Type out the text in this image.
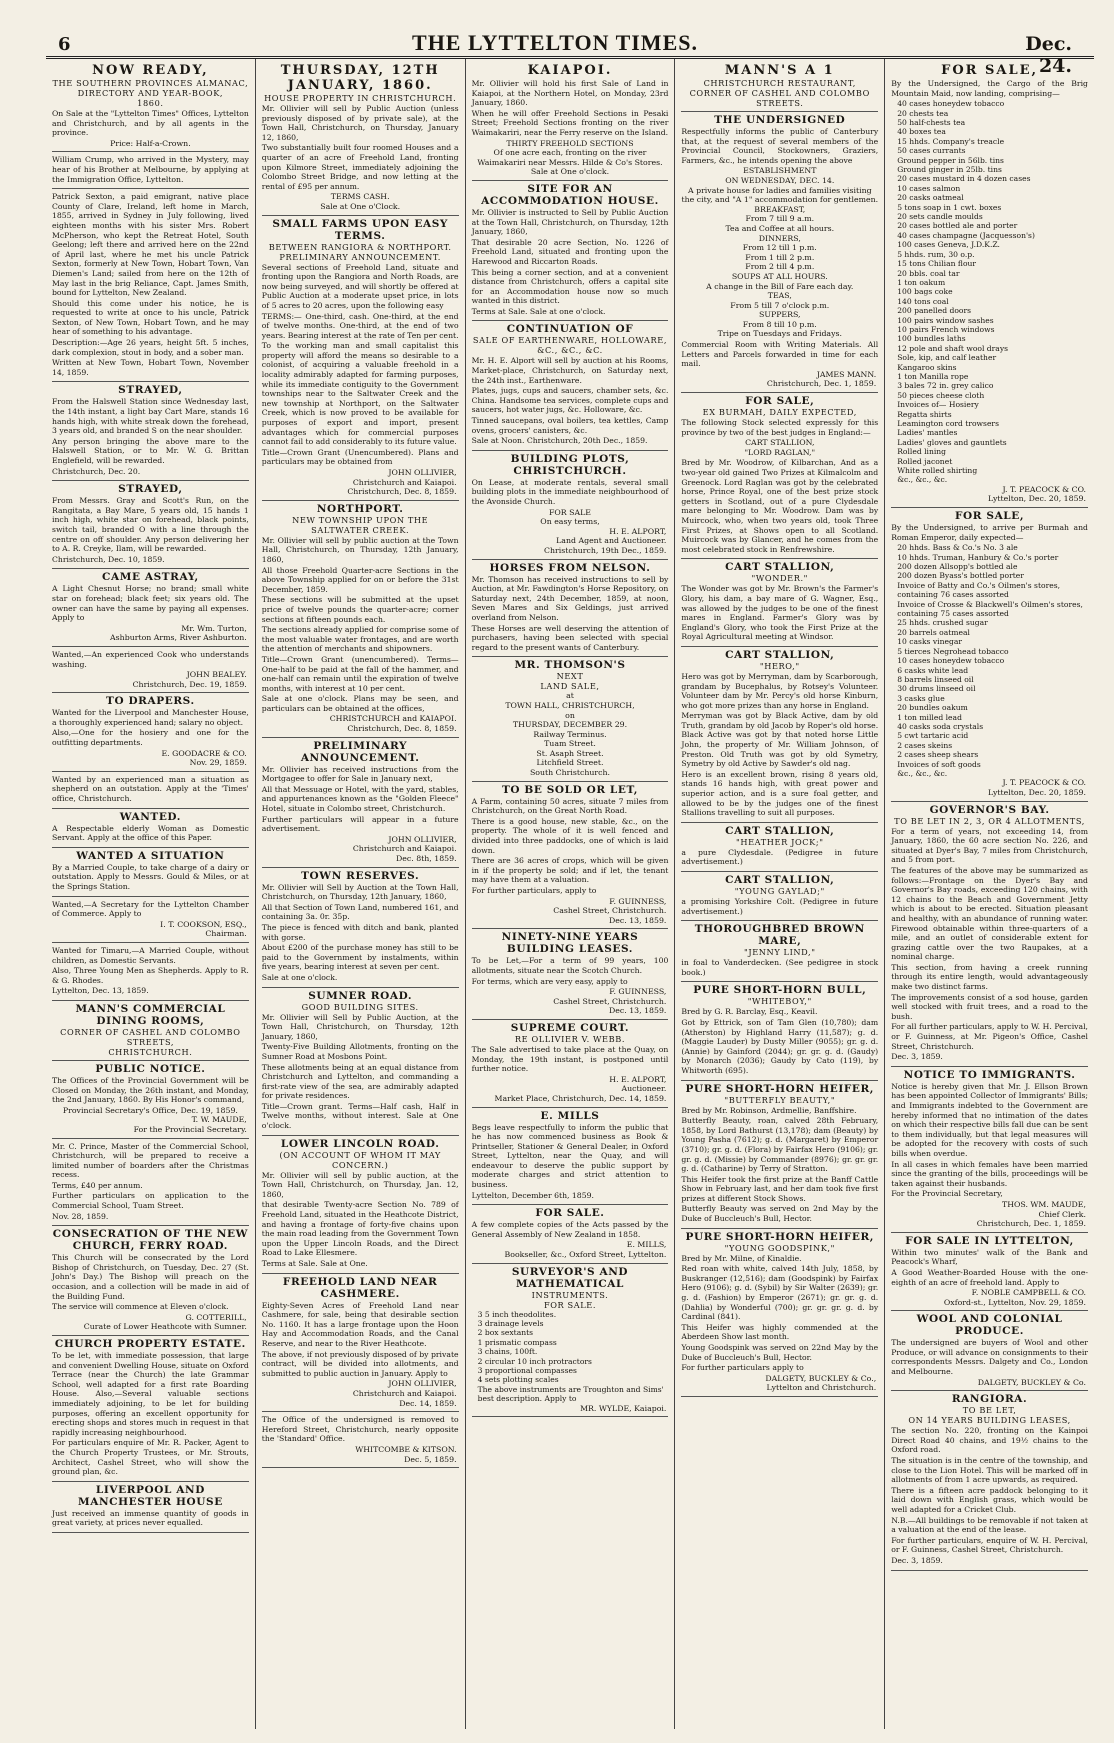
6	THE LYTTELTON TIMES.	Dec. 24.
NOW READY,
THE SOUTHERN PROVINCES ALMANAC, DIRECTORY AND YEAR-BOOK,
1860.

On Sale at the "Lyttelton Times" Offices, Lyttelton and Christchurch, and by all agents in the province.

Price: Half-a-Crown.

William Crump, who arrived in the Mystery, may hear of his Brother at Melbourne, by applying at the Immigration Office, Lyttelton.

Patrick Sexton, a paid emigrant, native place County of Clare, Ireland, left home in March, 1855, arrived in Sydney in July following, lived eighteen months with his sister Mrs. Robert McPherson, who kept the Retreat Hotel, South Geelong; left there and arrived here on the 22nd of April last, where he met his uncle Patrick Sexton, formerly at New Town, Hobart Town, Van Diemen's Land; sailed from here on the 12th of May last in the brig Reliance, Capt. James Smith, bound for Lyttelton, New Zealand.

Should this come under his notice, he is requested to write at once to his uncle, Patrick Sexton, of New Town, Hobart Town, and he may hear of something to his advantage.

Description:—Age 26 years, height 5ft. 5 inches, dark complexion, stout in body, and a sober man.

Written at New Town, Hobart Town, November 14, 1859.

STRAYED,

From the Halswell Station since Wednesday last, the 14th instant, a light bay Cart Mare, stands 16 hands high, with white streak down the forehead, 3 years old, and branded S on the near shoulder.

Any person bringing the above mare to the Halswell Station, or to Mr. W. G. Brittan Englefield, will be rewarded.

Christchurch, Dec. 20.

STRAYED,

From Messrs. Gray and Scott's Run, on the Rangitata, a Bay Mare, 5 years old, 15 hands 1 inch high, white star on forehead, black points, switch tail, branded O with a line through the centre on off shoulder. Any person delivering her to A. R. Creyke, Ilam, will be rewarded.

Christchurch, Dec. 10, 1859.

CAME ASTRAY,

A Light Chesnut Horse; no brand; small white star on forehead; black feet; six years old. The owner can have the same by paying all expenses. Apply to

Mr. Wm. Turton,
Ashburton Arms, River Ashburton.

Wanted,—An experienced Cook who understands washing.

JOHN BEALEY.
Christchurch, Dec. 19, 1859.
TO DRAPERS.

Wanted for the Liverpool and Manchester House, a thoroughly experienced hand; salary no object.

Also,—One for the hosiery and one for the outfitting departments.

E. GOODACRE & CO.
Nov. 29, 1859.

Wanted by an experienced man a situation as shepherd on an outstation. Apply at the 'Times' office, Christchurch.

WANTED.

A Respectable elderly Woman as Domestic Servant. Apply at the office of this Paper.

WANTED A SITUATION

By a Married Couple, to take charge of a dairy or outstation. Apply to Messrs. Gould & Miles, or at the Springs Station.

Wanted,—A Secretary for the Lyttelton Chamber of Commerce. Apply to

I. T. COOKSON, ESQ.,
Chairman.

Wanted for Timaru,—A Married Couple, without children, as Domestic Servants.

Also, Three Young Men as Shepherds. Apply to R. & G. Rhodes.

Lyttelton, Dec. 13, 1859.

MANN'S COMMERCIAL DINING ROOMS,
CORNER OF CASHEL AND COLOMBO STREETS,
CHRISTCHURCH.
PUBLIC NOTICE.

The Offices of the Provincial Government will be Closed on Monday, the 26th instant, and Monday, the 2nd January, 1860. By His Honor's command,

Provincial Secretary's Office, Dec. 19, 1859.
T. W. MAUDE,
For the Provincial Secretary.

Mr. C. Prince, Master of the Commercial School, Christchurch, will be prepared to receive a limited number of boarders after the Christmas recess.

Terms, £40 per annum.

Further particulars on application to the Commercial School, Tuam Street.

Nov. 28, 1859.

CONSECRATION OF THE NEW CHURCH, FERRY ROAD.

This Church will be consecrated by the Lord Bishop of Christchurch, on Tuesday, Dec. 27 (St. John's Day.) The Bishop will preach on the occasion, and a collection will be made in aid of the Building Fund.

The service will commence at Eleven o'clock.

G. COTTERILL,
Curate of Lower Heathcote with Sumner.
CHURCH PROPERTY ESTATE.

To be let, with immediate possession, that large and convenient Dwelling House, situate on Oxford Terrace (near the Church) the late Grammar School, well adapted for a first rate Boarding House. Also,—Several valuable sections immediately adjoining, to be let for building purposes, offering an excellent opportunity for erecting shops and stores much in request in that rapidly increasing neighbourhood.

For particulars enquire of Mr. R. Packer, Agent to the Church Property Trustees, or Mr. Strouts, Architect, Cashel Street, who will show the ground plan, &c.

LIVERPOOL AND MANCHESTER HOUSE

Just received an immense quantity of goods in great variety, at prices never equalled.

THURSDAY, 12TH JANUARY, 1860.
HOUSE PROPERTY IN CHRISTCHURCH.

Mr. Ollivier will sell by Public Auction (unless previously disposed of by private sale), at the Town Hall, Christchurch, on Thursday, January 12, 1860,

Two substantially built four roomed Houses and a quarter of an acre of Freehold Land, fronting upon Kilmore Street, immediately adjoining the Colombo Street Bridge, and now letting at the rental of £95 per annum.

TERMS CASH.
Sale at One o'Clock.
SMALL FARMS UPON EASY TERMS.
BETWEEN RANGIORA & NORTHPORT.
PRELIMINARY ANNOUNCEMENT.

Several sections of Freehold Land, situate and fronting upon the Rangiora and North Roads, are now being surveyed, and will shortly be offered at Public Auction at a moderate upset price, in lots of 5 acres to 20 acres, upon the following easy

TERMS:— One-third, cash. One-third, at the end of twelve months. One-third, at the end of two years. Bearing interest at the rate of Ten per cent.

To the working man and small capitalist this property will afford the means so desirable to a colonist, of acquiring a valuable freehold in a locality admirably adapted for farming purposes, while its immediate contiguity to the Government townships near to the Saltwater Creek and the new township at Northport, on the Saltwater Creek, which is now proved to be available for purposes of export and import, present advantages which for commercial purposes cannot fail to add considerably to its future value.

Title—Crown Grant (Unencumbered). Plans and particulars may be obtained from

JOHN OLLIVIER,
Christchurch and Kaiapoi.
Christchurch, Dec. 8, 1859.
NORTHPORT.
NEW TOWNSHIP UPON THE SALTWATER CREEK.

Mr. Ollivier will sell by public auction at the Town Hall, Christchurch, on Thursday, 12th January, 1860,

All those Freehold Quarter-acre Sections in the above Township applied for on or before the 31st December, 1859.

These sections will be submitted at the upset price of twelve pounds the quarter-acre; corner sections at fifteen pounds each.

The sections already applied for comprise some of the most valuable water frontages, and are worth the attention of merchants and shipowners.

Title—Crown Grant (unencumbered). Terms—One-half to be paid at the fall of the hammer, and one-half can remain until the expiration of twelve months, with interest at 10 per cent.

Sale at one o'clock. Plans may be seen, and particulars can be obtained at the offices,

CHRISTCHURCH and KAIAPOI.
Christchurch, Dec. 8, 1859.
PRELIMINARY ANNOUNCEMENT.

Mr. Ollivier has received instructions from the Mortgagee to offer for Sale in January next,

All that Messuage or Hotel, with the yard, stables, and appurtenances known as the "Golden Fleece" Hotel, situate in Colombo street, Christchurch.

Further particulars will appear in a future advertisement.

JOHN OLLIVIER,
Christchurch and Kaiapoi.
Dec. 8th, 1859.
TOWN RESERVES.

Mr. Ollivier will Sell by Auction at the Town Hall, Christchurch, on Thursday, 12th January, 1860,

All that Section of Town Land, numbered 161, and containing 3a. 0r. 35p.

The piece is fenced with ditch and bank, planted with gorse.

About £200 of the purchase money has still to be paid to the Government by instalments, within five years, bearing interest at seven per cent.

Sale at one o'clock.

SUMNER ROAD.
GOOD BUILDING SITES.

Mr. Ollivier will Sell by Public Auction, at the Town Hall, Christchurch, on Thursday, 12th January, 1860,

Twenty-Five Building Allotments, fronting on the Sumner Road at Mosbons Point.

These allotments being at an equal distance from Christchurch and Lyttelton, and commanding a first-rate view of the sea, are admirably adapted for private residences.

Title—Crown grant. Terms—Half cash, Half in Twelve months, without interest. Sale at One o'clock.

LOWER LINCOLN ROAD.
(ON ACCOUNT OF WHOM IT MAY CONCERN.)

Mr. Ollivier will sell by public auction, at the Town Hall, Christchurch, on Thursday, Jan. 12, 1860,

that desirable Twenty-acre Section No. 789 of Freehold Land, situated in the Heathcote District, and having a frontage of forty-five chains upon the main road leading from the Government Town upon the Upper Lincoln Roads, and the Direct Road to Lake Ellesmere.

Terms at Sale. Sale at One.

FREEHOLD LAND NEAR CASHMERE.

Eighty-Seven Acres of Freehold Land near Cashmere, for sale, being that desirable section No. 1160. It has a large frontage upon the Hoon Hay and Accommodation Roads, and the Canal Reserve, and near to the River Heathcote.

The above, if not previously disposed of by private contract, will be divided into allotments, and submitted to public auction in January. Apply to

JOHN OLLIVIER,
Christchurch and Kaiapoi.
Dec. 14, 1859.

The Office of the undersigned is removed to Hereford Street, Christchurch, nearly opposite the 'Standard' Office.

WHITCOMBE & KITSON.
Dec. 5, 1859.
KAIAPOI.

Mr. Ollivier will hold his first Sale of Land in Kaiapoi, at the Northern Hotel, on Monday, 23rd January, 1860.

When he will offer Freehold Sections in Pesaki Street; Freehold Sections fronting on the river Waimakariri, near the Ferry reserve on the Island.

THIRTY FREEHOLD SECTIONS
Of one acre each, fronting on the river Waimakariri near Messrs. Hilde & Co's Stores.
Sale at One o'clock.
SITE FOR AN ACCOMMODATION HOUSE.

Mr. Ollivier is instructed to Sell by Public Auction at the Town Hall, Christchurch, on Thursday, 12th January, 1860,

That desirable 20 acre Section, No. 1226 of Freehold Land, situated and fronting upon the Harewood and Riccarton Roads.

This being a corner section, and at a convenient distance from Christchurch, offers a capital site for an Accommodation house now so much wanted in this district.

Terms at Sale. Sale at one o'clock.

CONTINUATION OF
SALE OF EARTHENWARE, HOLLOWARE, &C., &C., &C.

Mr. H. E. Alport will sell by auction at his Rooms, Market-place, Christchurch, on Saturday next, the 24th inst., Earthenware.

Plates, jugs, cups and saucers, chamber sets, &c. China. Handsome tea services, complete cups and saucers, hot water jugs, &c. Holloware, &c.

Tinned saucepans, oval boilers, tea kettles, Camp ovens, grocers' canisters, &c.

Sale at Noon. Christchurch, 20th Dec., 1859.

BUILDING PLOTS, CHRISTCHURCH.

On Lease, at moderate rentals, several small building plots in the immediate neighbourhood of the Avonside Church.

FOR SALE
On easy terms,
H. E. ALPORT,
Land Agent and Auctioneer.
Christchurch, 19th Dec., 1859.
HORSES FROM NELSON.

Mr. Thomson has received instructions to sell by Auction, at Mr. Fawdington's Horse Repository, on Saturday next, 24th December, 1859, at noon, Seven Mares and Six Geldings, just arrived overland from Nelson.

These Horses are well deserving the attention of purchasers, having been selected with special regard to the present wants of Canterbury.

MR. THOMSON'S
NEXT
LAND SALE,
at
TOWN HALL, CHRISTCHURCH,
on
THURSDAY, DECEMBER 29.
Railway Terminus.
Tuam Street.
St. Asaph Street.
Litchfield Street.
South Christchurch.
TO BE SOLD OR LET,

A Farm, containing 50 acres, situate 7 miles from Christchurch, on the Great North Road.

There is a good house, new stable, &c., on the property. The whole of it is well fenced and divided into three paddocks, one of which is laid down.

There are 36 acres of crops, which will be given in if the property be sold; and if let, the tenant may have them at a valuation.

For further particulars, apply to

F. GUINNESS,
Cashel Street, Christchurch.
Dec. 13, 1859.
NINETY-NINE YEARS BUILDING LEASES.

To be Let,—For a term of 99 years, 100 allotments, situate near the Scotch Church.

For terms, which are very easy, apply to

F. GUINNESS,
Cashel Street, Christchurch.
Dec. 13, 1859.
SUPREME COURT.
RE OLLIVIER V. WEBB.

The Sale advertised to take place at the Quay, on Monday, the 19th instant, is postponed until further notice.

H. E. ALPORT,
Auctioneer.
Market Place, Christchurch, Dec. 14, 1859.
E. MILLS

Begs leave respectfully to inform the public that he has now commenced business as Book & Printseller, Stationer & General Dealer, in Oxford Street, Lyttelton, near the Quay, and will endeavour to deserve the public support by moderate charges and strict attention to business.

Lyttelton, December 6th, 1859.

FOR SALE.

A few complete copies of the Acts passed by the General Assembly of New Zealand in 1858.

E. MILLS,
Bookseller, &c., Oxford Street, Lyttelton.
SURVEYOR'S AND MATHEMATICAL
INSTRUMENTS.
FOR SALE.
3 5 inch theodolites.
3 drainage levels
2 box sextants
1 prismatic compass
3 chains, 100ft.
2 circular 10 inch protractors
3 proportional compasses
4 sets plotting scales
The above instruments are Troughton and Sims' best description. Apply to
MR. WYLDE, Kaiapoi.
MANN'S A 1
CHRISTCHURCH RESTAURANT,
CORNER OF CASHEL AND COLOMBO STREETS.
THE UNDERSIGNED

Respectfully informs the public of Canterbury that, at the request of several members of the Provincial Council, Stockowners, Graziers, Farmers, &c., he intends opening the above

ESTABLISHMENT
ON WEDNESDAY, DEC. 14.
A private house for ladies and families visiting the city, and "A 1" accommodation for gentlemen.
BREAKFAST,
From 7 till 9 a.m.
Tea and Coffee at all hours.
DINNERS,
From 12 till 1 p.m.
From 1 till 2 p.m.
From 2 till 4 p.m.
SOUPS AT ALL HOURS.
A change in the Bill of Fare each day.
TEAS,
From 5 till 7 o'clock p.m.
SUPPERS,
From 8 till 10 p.m.
Tripe on Tuesdays and Fridays.

Commercial Room with Writing Materials. All Letters and Parcels forwarded in time for each mail.

JAMES MANN.
Christchurch, Dec. 1, 1859.
FOR SALE,
EX BURMAH, DAILY EXPECTED,

The following Stock selected expressly for this province by two of the best judges in England:—

CART STALLION,
"LORD RAGLAN,"

Bred by Mr. Woodrow, of Kilbarchan, And as a two-year old gained Two Prizes at Kilmalcolm and Greenock. Lord Raglan was got by the celebrated horse, Prince Royal, one of the best prize stock getters in Scotland, out of a pure Clydesdale mare belonging to Mr. Woodrow. Dam was by Muircock, who, when two years old, took Three First Prizes, at Shows open to all Scotland. Muircock was by Glancer, and he comes from the most celebrated stock in Renfrewshire.

CART STALLION,
"WONDER."

The Wonder was got by Mr. Brown's the Farmer's Glory, his dam, a bay mare of G. Wagner, Esq., was allowed by the judges to be one of the finest mares in England. Farmer's Glory was by England's Glory, who took the First Prize at the Royal Agricultural meeting at Windsor.

CART STALLION,
"HERO,"

Hero was got by Merryman, dam by Scarborough, grandam by Bucephalus, by Rotsey's Volunteer. Volunteer dam by Mr. Percy's old horse Kinburn, who got more prizes than any horse in England.

Merryman was got by Black Active, dam by old Truth, grandam by old Jacob by Roper's old horse. Black Active was got by that noted horse Little John, the property of Mr. William Johnson, of Preston. Old Truth was got by old Symetry, Symetry by old Active by Sawder's old nag.

Hero is an excellent brown, rising 8 years old, stands 16 hands high, with great power and superior action, and is a sure foal getter, and allowed to be by the judges one of the finest Stallions travelling to suit all purposes.

CART STALLION,
"HEATHER JOCK;"

a pure Clydesdale. (Pedigree in future advertisement.)

CART STALLION,
"YOUNG GAYLAD;"

a promising Yorkshire Colt. (Pedigree in future advertisement.)

THOROUGHBRED BROWN MARE,
"JENNY LIND,"

in foal to Vanderdecken. (See pedigree in stock book.)

PURE SHORT-HORN BULL,
"WHITEBOY,"

Bred by G. R. Barclay, Esq., Keavil.

Got by Ettrick, son of Tam Glen (10,780); dam (Atherston) by Highland Harry (11,587); g. d. (Maggie Lauder) by Dusty Miller (9055); gr. g. d. (Annie) by Gainford (2044); gr. gr. g. d. (Gaudy) by Monarch (2036); Gaudy by Cato (119), by Whitworth (695).

PURE SHORT-HORN HEIFER,
"BUTTERFLY BEAUTY,"

Bred by Mr. Robinson, Ardmellie, Banffshire.

Butterfly Beauty, roan, calved 28th February, 1858, by Lord Bathurst (13,178); dam (Beauty) by Young Pasha (7612); g. d. (Margaret) by Emperor (3710); gr. g. d. (Flora) by Fairfax Hero (9106); gr. gr. g. d. (Missie) by Commander (8976); gr. gr. gr. g. d. (Catharine) by Terry of Stratton.

This Heifer took the first prize at the Banff Cattle Show in February last, and her dam took five first prizes at different Stock Shows.

Butterfly Beauty was served on 2nd May by the Duke of Buccleuch's Bull, Hector.

PURE SHORT-HORN HEIFER,
"YOUNG GOODSPINK,"

Bred by Mr. Milne, of Kinaldie.

Red roan with white, calved 14th July, 1858, by Buskranger (12,516); dam (Goodspink) by Fairfax Hero (9106); g. d. (Sybil) by Sir Walter (2639); gr. g. d. (Fashion) by Emperor (2671); gr. gr. g. d. (Dahlia) by Wonderful (700); gr. gr. gr. g. d. by Cardinal (841).

This Heifer was highly commended at the Aberdeen Show last month.

Young Goodspink was served on 22nd May by the Duke of Buccleuch's Bull, Hector.

For further particulars apply to

DALGETY, BUCKLEY & Co.,
Lyttelton and Christchurch.
FOR SALE,

By the Undersigned, the Cargo of the Brig Mountain Maid, now landing, comprising—

40 cases honeydew tobacco
20 chests tea
50 half-chests tea
40 boxes tea
15 hhds. Company's treacle
50 cases currants
Ground pepper in 56lb. tins
Ground ginger in 25lb. tins
20 cases mustard in 4 dozen cases
10 cases salmon
20 casks oatmeal
5 tons soap in 1 cwt. boxes
20 sets candle moulds
20 cases bottled ale and porter
40 cases champagne (Jacquesson's)
100 cases Geneva, J.D.K.Z.
5 hhds. rum, 30 o.p.
15 tons Chilian flour
20 bbls. coal tar
1 ton oakum
100 bags coke
140 tons coal
200 panelled doors
100 pairs window sashes
10 pairs French windows
100 bundles laths
12 pole and shaft wool drays
Sole, kip, and calf leather
Kangaroo skins
1 ton Manilla rope
3 bales 72 in. grey calico
50 pieces cheese cloth
Invoices of— Hosiery
Regatta shirts
Leamington cord trowsers
Ladies' mantles
Ladies' gloves and gauntlets
Rolled lining
Rolled jaconet
White rolled shirting
&c., &c., &c.
J. T. PEACOCK & CO.
Lyttelton, Dec. 20, 1859.
FOR SALE,

By the Undersigned, to arrive per Burmah and Roman Emperor, daily expected—

20 hhds. Bass & Co.'s No. 3 ale
10 hhds. Truman, Hanbury & Co.'s porter
200 dozen Allsopp's bottled ale
200 dozen Byass's bottled porter
Invoice of Batty and Co.'s Oilmen's stores, containing 76 cases assorted
Invoice of Crosse & Blackwell's Oilmen's stores, containing 75 cases assorted
25 hhds. crushed sugar
20 barrels oatmeal
10 casks vinegar
5 tierces Negrohead tobacco
10 cases honeydew tobacco
6 casks white lead
8 barrels linseed oil
30 drums linseed oil
3 casks glue
20 bundles oakum
1 ton milled lead
40 casks soda crystals
5 cwt tartaric acid
2 cases skeins
2 cases sheep shears
Invoices of soft goods
&c., &c., &c.
J. T. PEACOCK & CO.
Lyttelton, Dec. 20, 1859.
GOVERNOR'S BAY.
TO BE LET IN 2, 3, OR 4 ALLOTMENTS,

For a term of years, not exceeding 14, from January, 1860, the 60 acre section No. 226, and situated at Dyer's Bay, 7 miles from Christchurch, and 5 from port.

The features of the above may be summarized as follows:—Frontage on the Dyer's Bay and Governor's Bay roads, exceeding 120 chains, with 12 chains to the Beach and Government Jetty which is about to be erected. Situation pleasant and healthy, with an abundance of running water. Firewood obtainable within three-quarters of a mile, and an outlet of considerable extent for grazing cattle over the two Raupakes, at a nominal charge.

This section, from having a creek running through its entire length, would advantageously make two distinct farms.

The improvements consist of a sod house, garden well stocked with fruit trees, and a road to the bush.

For all further particulars, apply to W. H. Percival, or F. Guinness, at Mr. Pigeon's Office, Cashel Street, Christchurch.

Dec. 3, 1859.

NOTICE TO IMMIGRANTS.

Notice is hereby given that Mr. J. Ellson Brown has been appointed Collector of Immigrants' Bills; and Immigrants indebted to the Government are hereby informed that no intimation of the dates on which their respective bills fall due can be sent to them individually, but that legal measures will be adopted for the recovery with costs of such bills when overdue.

In all cases in which females have been married since the granting of the bills, proceedings will be taken against their husbands.

For the Provincial Secretary,

THOS. WM. MAUDE,
Chief Clerk.
Christchurch, Dec. 1, 1859.
FOR SALE IN LYTTELTON,

Within two minutes' walk of the Bank and Peacock's Wharf,

A Good Weather-Boarded House with the one-eighth of an acre of freehold land. Apply to

F. NOBLE CAMPBELL & CO.
Oxford-st., Lyttelton, Nov. 29, 1859.
WOOL AND COLONIAL PRODUCE.

The undersigned are buyers of Wool and other Produce, or will advance on consignments to their correspondents Messrs. Dalgety and Co., London and Melbourne.

DALGETY, BUCKLEY & Co.
RANGIORA.
TO BE LET,
ON 14 YEARS BUILDING LEASES,

The section No. 220, fronting on the Kainpoi Direct Road 40 chains, and 19½ chains to the Oxford road.

The situation is in the centre of the township, and close to the Lion Hotel. This will be marked off in allotments of from 1 acre upwards, as required.

There is a fifteen acre paddock belonging to it laid down with English grass, which would be well adapted for a Cricket Club.

N.B.—All buildings to be removable if not taken at a valuation at the end of the lease.

For further particulars, enquire of W. H. Percival, or F. Guinness, Cashel Street, Christchurch.

Dec. 3, 1859.
